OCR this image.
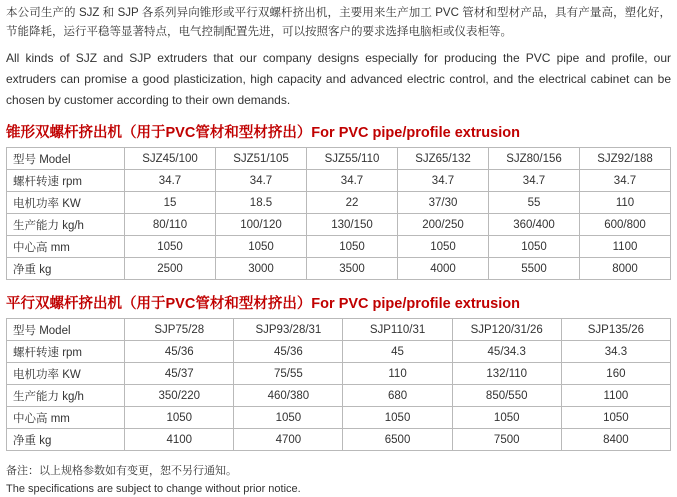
本公司生产的 SJZ 和 SJP 各系列异向锥形或平行双螺杆挤出机，主要用来生产加工 PVC 管材和型材产品，具有产量高，塑化好，节能降耗，运行平稳等显著特点，电气控制配置先进，可以按照客户的要求选择电脑柜或仪表柜等。

All kinds of SJZ and SJP extruders that our company designs especially for producing the PVC pipe and profile, our extruders can promise a good plasticization, high capacity and advanced electric control, and the electrical cabinet can be chosen by customer according to their own demands.

锥形双螺杆挤出机（用于PVC管材和型材挤出）For PVC pipe/profile extrusion
型号 Model	SJZ45/100	SJZ51/105	SJZ55/110	SJZ65/132	SJZ80/156	SJZ92/188
螺杆转速 rpm	34.7	34.7	34.7	34.7	34.7	34.7
电机功率 KW	15	18.5	22	37/30	55	110
生产能力 kg/h	80/110	100/120	130/150	200/250	360/400	600/800
中心高 mm	1050	1050	1050	1050	1050	1100
净重 kg	2500	3000	3500	4000	5500	8000
平行双螺杆挤出机（用于PVC管材和型材挤出）For PVC pipe/profile extrusion
型号 Model	SJP75/28	SJP93/28/31	SJP110/31	SJP120/31/26	SJP135/26
螺杆转速 rpm	45/36	45/36	45	45/34.3	34.3
电机功率 KW	45/37	75/55	110	132/110	160
生产能力 kg/h	350/220	460/380	680	850/550	1100
中心高 mm	1050	1050	1050	1050	1050
净重 kg	4100	4700	6500	7500	8400
备注：以上规格参数如有变更，恕不另行通知。
The specifications are subject to change without prior notice.
